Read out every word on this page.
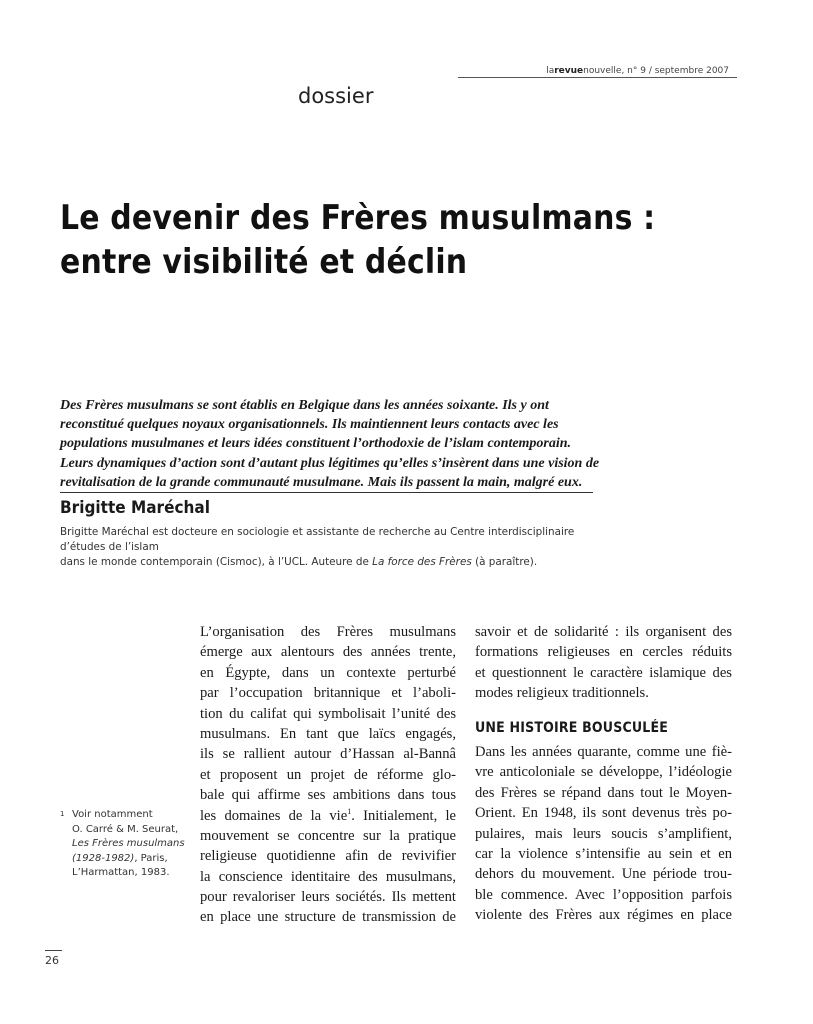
larevuenouvelle, n° 9 / septembre 2007
dossier
Le devenir des Frères musulmans :
entre visibilité et déclin
Des Frères musulmans se sont établis en Belgique dans les années soixante. Ils y ont
reconstitué quelques noyaux organisationnels. Ils maintiennent leurs contacts avec les
populations musulmanes et leurs idées constituent l’orthodoxie de l’islam contemporain.
Leurs dynamiques d’action sont d’autant plus légitimes qu’elles s’insèrent dans une vision de
revitalisation de la grande communauté musulmane. Mais ils passent la main, malgré eux.
Brigitte Maréchal
Brigitte Maréchal est docteure en sociologie et assistante de recherche au Centre interdisciplinaire d’études de l’islam
dans le monde contemporain (Cismoc), à l’UCL. Auteure de La force des Frères (à paraître).
L’organisation des Frères musulmans
émerge aux alentours des années trente,
en Égypte, dans un contexte perturbé
par l’occupation britannique et l’aboli-
tion du califat qui symbolisait l’unité des
musulmans. En tant que laïcs engagés,
ils se rallient autour d’Hassan al-Bannâ
et proposent un projet de réforme glo-
bale qui affirme ses ambitions dans tous
les domaines de la vie$^1$. Initialement, le
mouvement se concentre sur la pratique
religieuse quotidienne afin de revivifier
la conscience identitaire des musulmans,
pour revaloriser leurs sociétés. Ils mettent
en place une structure de transmission de
savoir et de solidarité : ils organisent des
formations religieuses en cercles réduits
et questionnent le caractère islamique des
modes religieux traditionnels.
UNE HISTOIRE BOUSCULÉE
Dans les années quarante, comme une fiè-
vre anticoloniale se développe, l’idéologie
des Frères se répand dans tout le Moyen-
Orient. En 1948, ils sont devenus très po-
pulaires, mais leurs soucis s’amplifient,
car la violence s’intensifie au sein et en
dehors du mouvement. Une période trou-
ble commence. Avec l’opposition parfois
violente des Frères aux régimes en place
1 Voir notamment
O. Carré & M. Seurat,
Les Frères musulmans
(1928-1982), Paris,
L’Harmattan, 1983.
26
